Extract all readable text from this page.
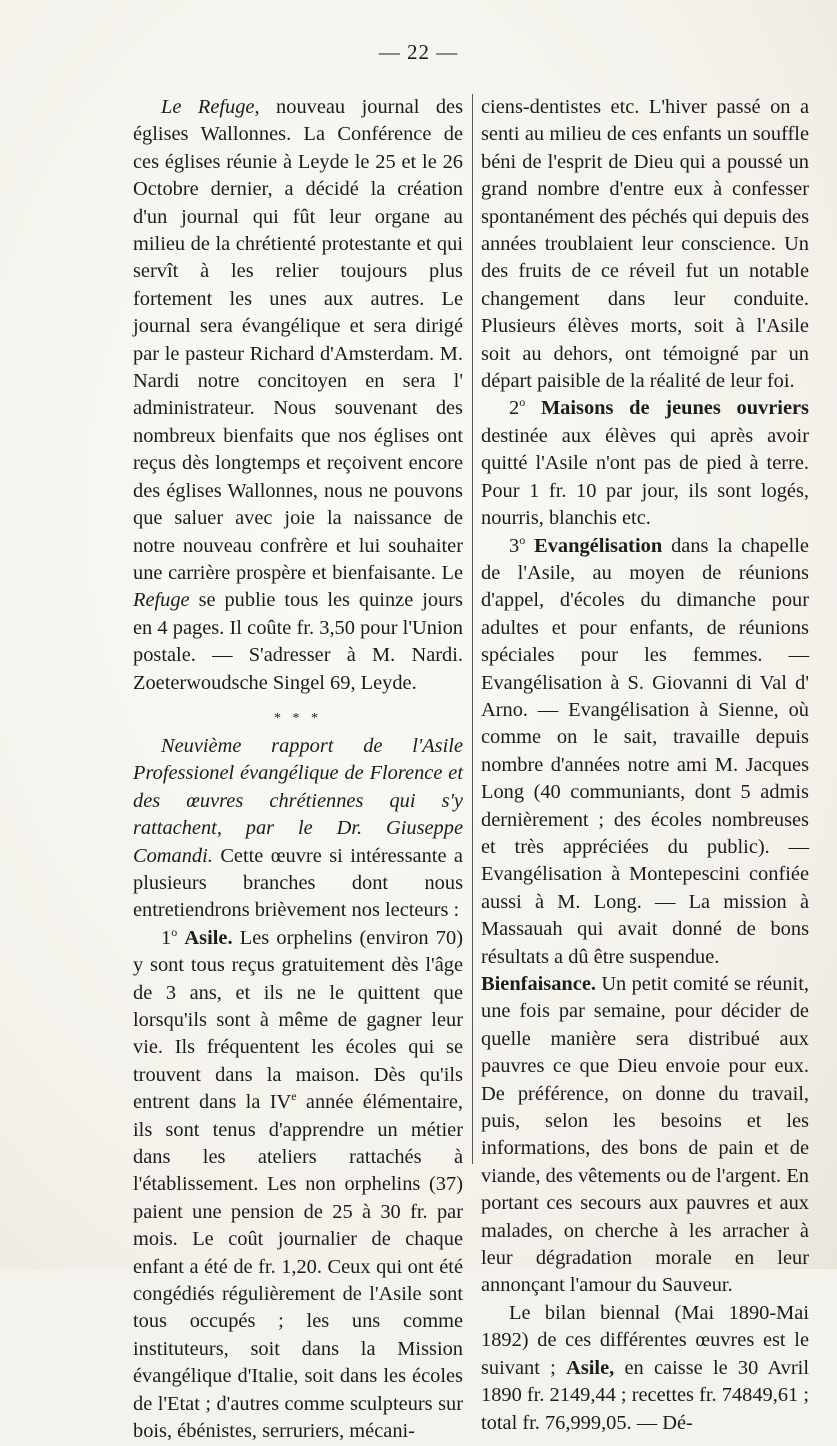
— 22 —

Le Refuge, nouveau journal des églises Wallonnes. La Conférence de ces églises réunie à Leyde le 25 et le 26 Octobre dernier, a décidé la création d'un journal qui fût leur organe au milieu de la chrétienté protestante et qui servît à les relier toujours plus fortement les unes aux autres. Le journal sera évangélique et sera dirigé par le pasteur Richard d'Amsterdam. M. Nardi notre concitoyen en sera l' administrateur. Nous souvenant des nombreux bienfaits que nos églises ont reçus dès longtemps et reçoivent encore des églises Wallonnes, nous ne pouvons que saluer avec joie la naissance de notre nouveau confrère et lui souhaiter une carrière prospère et bienfaisante. Le Refuge se publie tous les quinze jours en 4 pages. Il coûte fr. 3,50 pour l'Union postale. — S'adresser à M. Nardi. Zoeterwoudsche Singel 69, Leyde.

* * *

Neuvième rapport de l'Asile Professionel évangélique de Florence et des œuvres chrétiennes qui s'y rattachent, par le Dr. Giuseppe Comandi. Cette œuvre si intéressante a plusieurs branches dont nous entretiendrons brièvement nos lecteurs :

1$^o$ Asile. Les orphelins (environ 70) y sont tous reçus gratuitement dès l'âge de 3 ans, et ils ne le quittent que lorsqu'ils sont à même de gagner leur vie. Ils fréquentent les écoles qui se trouvent dans la maison. Dès qu'ils entrent dans la IVe année élémentaire, ils sont tenus d'apprendre un métier dans les ateliers rattachés à l'établissement. Les non orphelins (37) paient une pension de 25 à 30 fr. par mois. Le coût journalier de chaque enfant a été de fr. 1,20. Ceux qui ont été congédiés régulièrement de l'Asile sont tous occupés ; les uns comme instituteurs, soit dans la Mission évangélique d'Italie, soit dans les écoles de l'Etat ; d'autres comme sculpteurs sur bois, ébénistes, serruriers, mécani-

ciens-dentistes etc. L'hiver passé on a senti au milieu de ces enfants un souffle béni de l'esprit de Dieu qui a poussé un grand nombre d'entre eux à confesser spontanément des péchés qui depuis des années troublaient leur conscience. Un des fruits de ce réveil fut un notable changement dans leur conduite. Plusieurs élèves morts, soit à l'Asile soit au dehors, ont témoigné par un départ paisible de la réalité de leur foi.

2$^o$ Maisons de jeunes ouvriers destinée aux élèves qui après avoir quitté l'Asile n'ont pas de pied à terre. Pour 1 fr. 10 par jour, ils sont logés, nourris, blanchis etc.

3$^o$ Evangélisation dans la chapelle de l'Asile, au moyen de réunions d'appel, d'écoles du dimanche pour adultes et pour enfants, de réunions spéciales pour les femmes. — Evangélisation à S. Giovanni di Val d' Arno. — Evangélisation à Sienne, où comme on le sait, travaille depuis nombre d'années notre ami M. Jacques Long (40 communiants, dont 5 admis dernièrement ; des écoles nombreuses et très appréciées du public). — Evangélisation à Montepescini confiée aussi à M. Long. — La mission à Massauah qui avait donné de bons résultats a dû être suspendue.

Bienfaisance. Un petit comité se réunit, une fois par semaine, pour décider de quelle manière sera distribué aux pauvres ce que Dieu envoie pour eux. De préférence, on donne du travail, puis, selon les besoins et les informations, des bons de pain et de viande, des vêtements ou de l'argent. En portant ces secours aux pauvres et aux malades, on cherche à les arracher à leur dégradation morale en leur annonçant l'amour du Sauveur.

Le bilan biennal (Mai 1890-Mai 1892) de ces différentes œuvres est le suivant ; Asile, en caisse le 30 Avril 1890 fr. 2149,44 ; recettes fr. 74849,61 ; total fr. 76,999,05. — Dé-
